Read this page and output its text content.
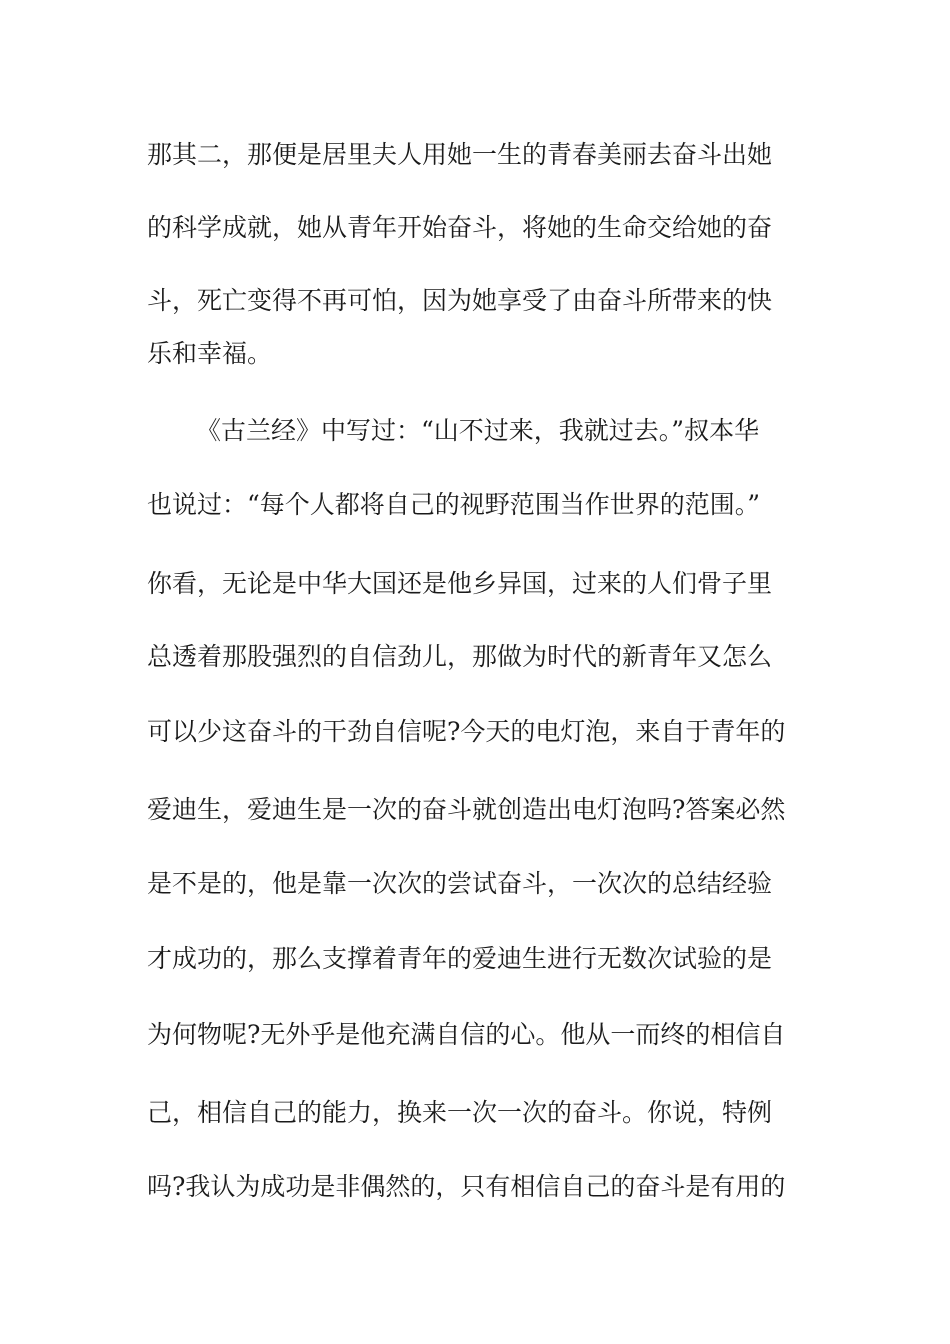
那其二，那便是居里夫人用她一生的青春美丽去奋斗出她
的科学成就，她从青年开始奋斗，将她的生命交给她的奋
斗，死亡变得不再可怕，因为她享受了由奋斗所带来的快
乐和幸福。
《古兰经》中写过：“山不过来，我就过去。”叔本华
也说过：“每个人都将自己的视野范围当作世界的范围。”
你看，无论是中华大国还是他乡异国，过来的人们骨子里
总透着那股强烈的自信劲儿，那做为时代的新青年又怎么
可以少这奋斗的干劲自信呢?今天的电灯泡，来自于青年的
爱迪生，爱迪生是一次的奋斗就创造出电灯泡吗?答案必然
是不是的，他是靠一次次的尝试奋斗，一次次的总结经验
才成功的，那么支撑着青年的爱迪生进行无数次试验的是
为何物呢?无外乎是他充满自信的心。他从一而终的相信自
己，相信自己的能力，换来一次一次的奋斗。你说，特例
吗?我认为成功是非偶然的，只有相信自己的奋斗是有用的
